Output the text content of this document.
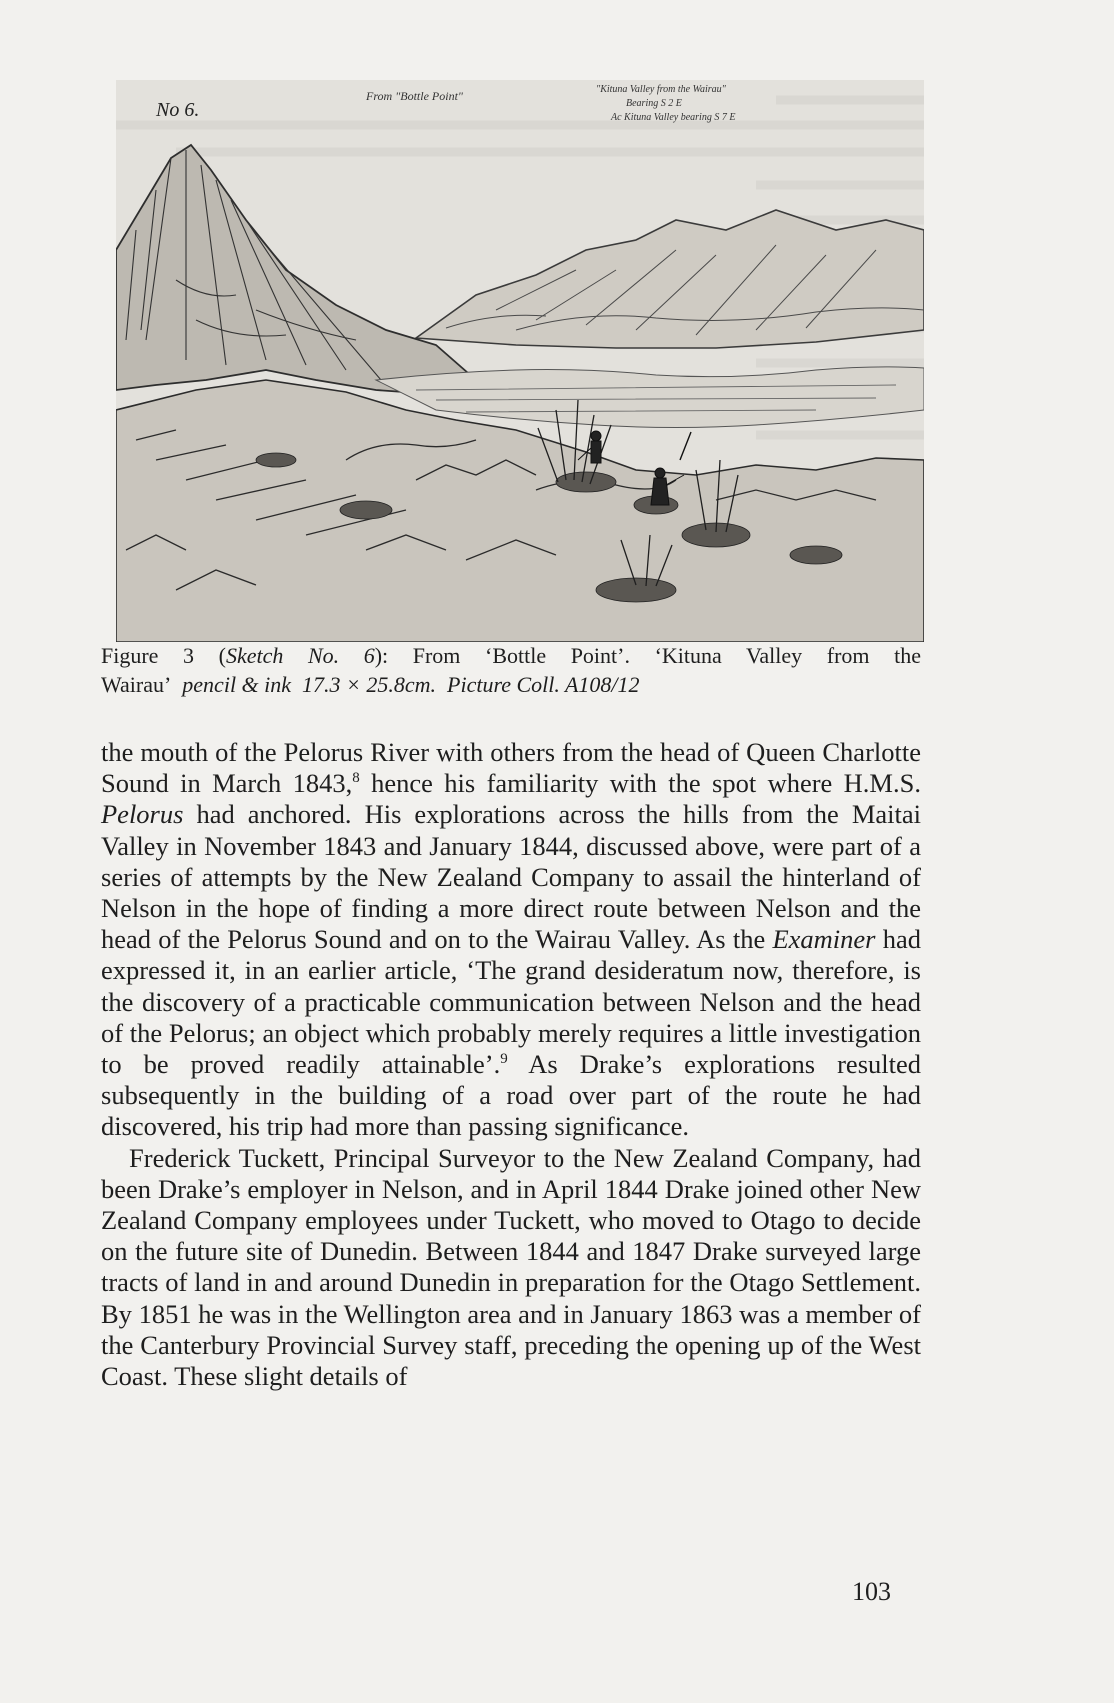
No 6.
From "Bottle Point"	"Kituna Valley from the Wairau"
Bearing S 2 E
Ac Kituna Valley bearing S 7 E
Figure 3 (Sketch No. 6): From ‘Bottle Point’. ‘Kituna Valley from the
Wairau’ pencil & ink 17.3 × 25.8cm. Picture Coll. A108/12

the mouth of the Pelorus River with others from the head of Queen Charlotte Sound in March 1843,$^8$ hence his familiarity with the spot where H.M.S. Pelorus had anchored. His explorations across the hills from the Maitai Valley in November 1843 and January 1844, discussed above, were part of a series of attempts by the New Zealand Company to assail the hinterland of Nelson in the hope of finding a more direct route between Nelson and the head of the Pelorus Sound and on to the Wairau Valley. As the Examiner had expressed it, in an earlier article, ‘The grand desideratum now, therefore, is the discovery of a practicable communication between Nelson and the head of the Pelorus; an object which probably merely requires a little investigation to be proved readily attainable’.$^9$ As Drake’s explorations resulted subsequently in the building of a road over part of the route he had discovered, his trip had more than passing significance.

Frederick Tuckett, Principal Surveyor to the New Zealand Company, had been Drake’s employer in Nelson, and in April 1844 Drake joined other New Zealand Company employees under Tuckett, who moved to Otago to decide on the future site of Dunedin. Between 1844 and 1847 Drake surveyed large tracts of land in and around Dunedin in preparation for the Otago Settlement. By 1851 he was in the Wellington area and in January 1863 was a member of the Canterbury Provincial Survey staff, preceding the opening up of the West Coast. These slight details of

103
